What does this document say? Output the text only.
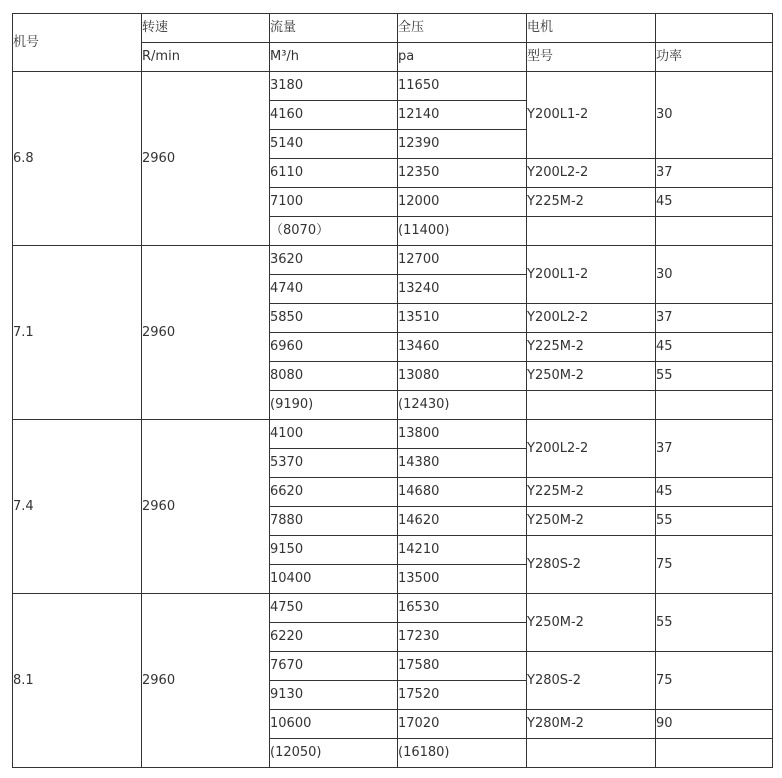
机号	转速	流量	全压	电机	
	R/min	M³/h	pa	型号	功率
6.8	2960	3180	11650	Y200L1-2	30
		4160	12140		
		5140	12390		
		6110	12350	Y200L2-2	37
		7100	12000	Y225M-2	45
		（8070）	(11400)		
7.1	2960	3620	12700	Y200L1-2	30
		4740	13240		
		5850	13510	Y200L2-2	37
		6960	13460	Y225M-2	45
		8080	13080	Y250M-2	55
		(9190)	(12430)		
7.4	2960	4100	13800	Y200L2-2	37
		5370	14380		
		6620	14680	Y225M-2	45
		7880	14620	Y250M-2	55
		9150	14210	Y280S-2	75
		10400	13500		
8.1	2960	4750	16530	Y250M-2	55
		6220	17230		
		7670	17580	Y280S-2	75
		9130	17520		
		10600	17020	Y280M-2	90
		(12050)	(16180)		
